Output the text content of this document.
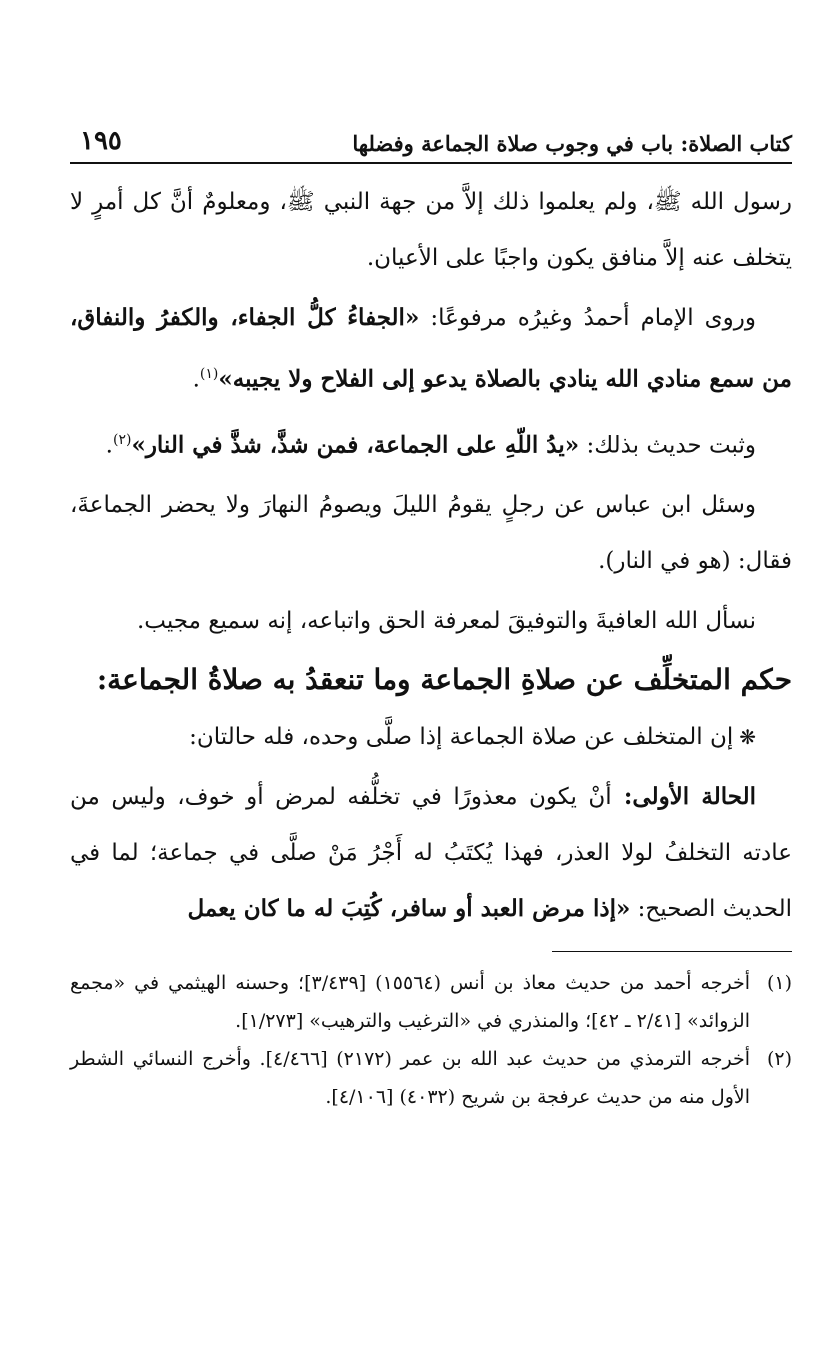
كتاب الصلاة: باب في وجوب صلاة الجماعة وفضلها
١٩٥

رسول الله ﷺ، ولم يعلموا ذلك إلاَّ من جهة النبي ﷺ، ومعلومٌ أنَّ كل أمرٍ لا يتخلف عنه إلاَّ منافق يكون واجبًا على الأعيان.

وروى الإمام أحمدُ وغيرُه مرفوعًا: «الجفاءُ كلُّ الجفاء، والكفرُ والنفاق، من سمع منادي الله ينادي بالصلاة يدعو إلى الفلاح ولا يجيبه»$^{(١)}$.

وثبت حديث بذلك: «يدُ اللّهِ على الجماعة، فمن شذَّ، شذَّ في النار»$^{(٢)}$.

وسئل ابن عباس عن رجلٍ يقومُ الليلَ ويصومُ النهارَ ولا يحضر الجماعةَ، فقال: (هو في النار).

نسأل الله العافيةَ والتوفيقَ لمعرفة الحق واتباعه، إنه سميع مجيب.

حكم المتخلِّف عن صلاةِ الجماعة وما تنعقدُ به صلاةُ الجماعة:

❋إن المتخلف عن صلاة الجماعة إذا صلَّى وحده، فله حالتان:

الحالة الأولى: أنْ يكون معذورًا في تخلُّفه لمرض أو خوف، وليس من عادته التخلفُ لولا العذر، فهذا يُكتَبُ له أَجْرُ مَنْ صلَّى في جماعة؛ لما في الحديث الصحيح: «إذا مرض العبد أو سافر، كُتِبَ له ما كان يعمل

(١)
أخرجه أحمد من حديث معاذ بن أنس (١٥٥٦٤) [٣/٤٣٩]؛ وحسنه الهيثمي في «مجمع الزوائد» [٢/٤١ ـ ٤٢]؛ والمنذري في «الترغيب والترهيب» [١/٢٧٣].

(٢)
أخرجه الترمذي من حديث عبد الله بن عمر (٢١٧٢) [٤/٤٦٦]. وأخرج النسائي الشطر الأول منه من حديث عرفجة بن شريح (٤٠٣٢) [٤/١٠٦].
